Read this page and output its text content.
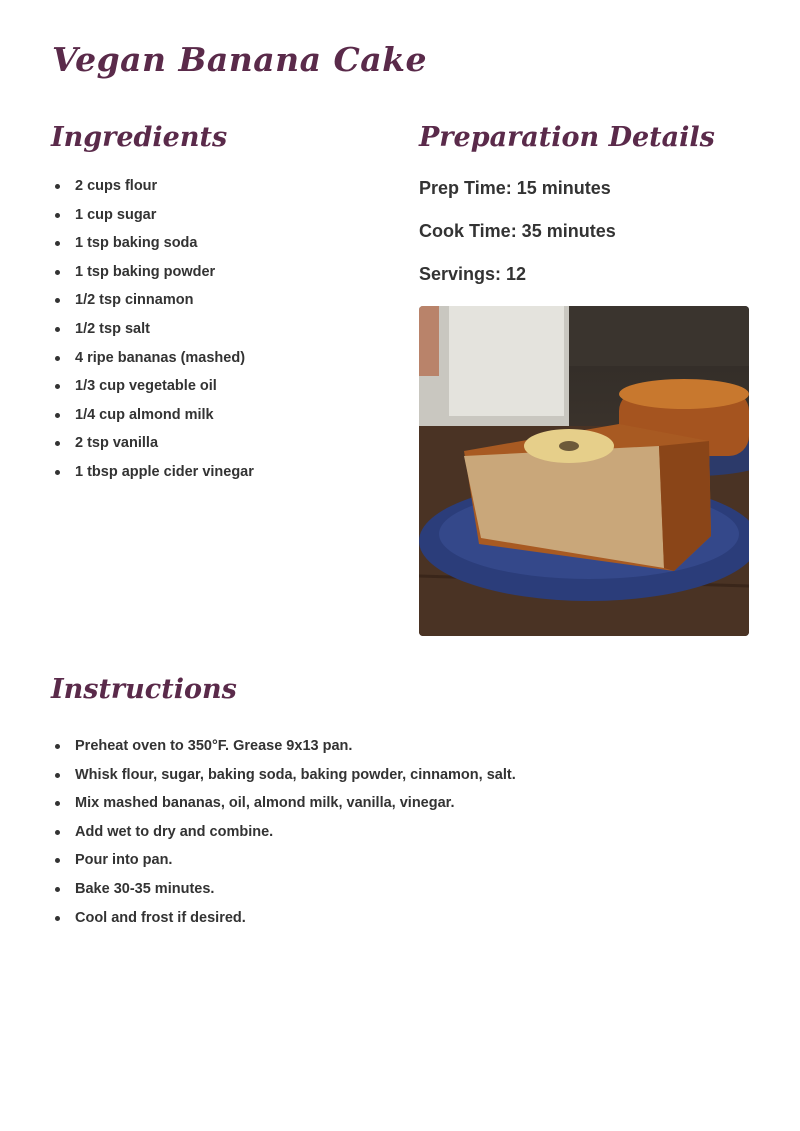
Vegan Banana Cake
Ingredients
2 cups flour
1 cup sugar
1 tsp baking soda
1 tsp baking powder
1/2 tsp cinnamon
1/2 tsp salt
4 ripe bananas (mashed)
1/3 cup vegetable oil
1/4 cup almond milk
2 tsp vanilla
1 tbsp apple cider vinegar
Preparation Details
Prep Time: 15 minutes
Cook Time: 35 minutes
Servings: 12
Instructions
Preheat oven to 350°F. Grease 9x13 pan.
Whisk flour, sugar, baking soda, baking powder, cinnamon, salt.
Mix mashed bananas, oil, almond milk, vanilla, vinegar.
Add wet to dry and combine.
Pour into pan.
Bake 30-35 minutes.
Cool and frost if desired.
